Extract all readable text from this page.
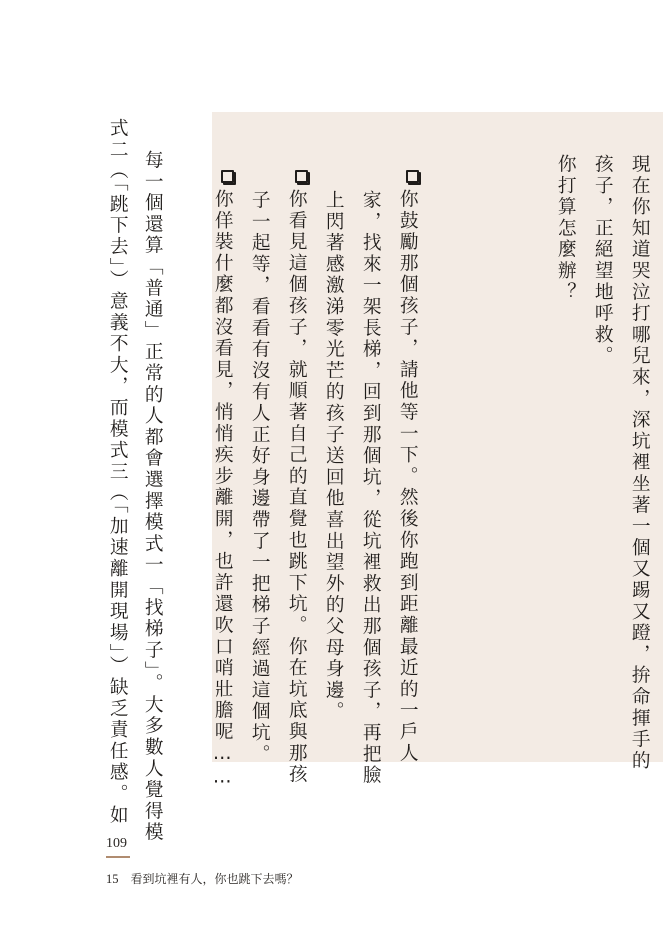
現在你知道哭泣打哪兒來，深坑裡坐著一個又踢又蹬，拚命揮手的
孩子，正絕望地呼救。
你打算怎麼辦？
你鼓勵那個孩子，請他等一下。然後你跑到距離最近的一戶人
家，找來一架長梯，回到那個坑，從坑裡救出那個孩子，再把臉
上閃著感激涕零光芒的孩子送回他喜出望外的父母身邊。
你看見這個孩子，就順著自己的直覺也跳下坑。你在坑底與那孩
子一起等，看看有沒有人正好身邊帶了一把梯子經過這個坑。
你佯裝什麼都沒看見，悄悄疾步離開，也許還吹口哨壯膽呢……
每一個還算「普通」正常的人都會選擇模式一「找梯子」。大多數人覺得模
式二（「跳下去」）意義不大，而模式三（「加速離開現場」）缺乏責任感。如
109
15 看到坑裡有人，你也跳下去嗎？
